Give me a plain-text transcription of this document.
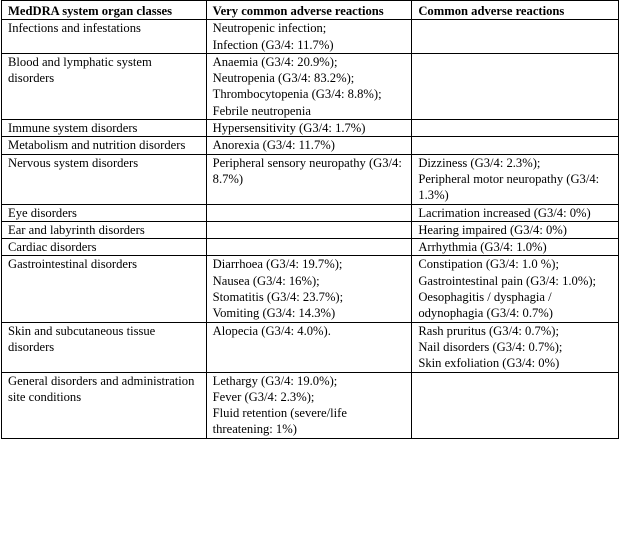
MedDRA system organ classes	Very common adverse reactions	Common adverse reactions
Infections and infestations	Neutropenic infection;
Infection (G3/4: 11.7%)	

Blood and lymphatic system disorders	Anaemia (G3/4: 20.9%);
Neutropenia (G3/4: 83.2%);
Thrombocytopenia (G3/4: 8.8%);
Febrile neutropenia	

Immune system disorders	Hypersensitivity (G3/4: 1.7%)	

Metabolism and nutrition disorders	Anorexia (G3/4: 11.7%)	

Nervous system disorders	Peripheral sensory neuropathy (G3/4: 8.7%)	Dizziness (G3/4: 2.3%);
Peripheral motor neuropathy (G3/4: 1.3%)

Eye disorders		Lacrimation increased (G3/4: 0%)

Ear and labyrinth disorders		Hearing impaired (G3/4: 0%)

Cardiac disorders		Arrhythmia (G3/4: 1.0%)

Gastrointestinal disorders	Diarrhoea (G3/4: 19.7%);
Nausea (G3/4: 16%);
Stomatitis (G3/4: 23.7%);
Vomiting (G3/4: 14.3%)	Constipation (G3/4: 1.0 %);
Gastrointestinal pain (G3/4: 1.0%);
Oesophagitis / dysphagia / odynophagia (G3/4: 0.7%)

Skin and subcutaneous tissue disorders	Alopecia (G3/4: 4.0%).	Rash pruritus (G3/4: 0.7%);
Nail disorders (G3/4: 0.7%);
Skin exfoliation (G3/4: 0%)

General disorders and administration site conditions	Lethargy (G3/4: 19.0%);
Fever (G3/4: 2.3%);
Fluid retention (severe/life threatening: 1%)	
